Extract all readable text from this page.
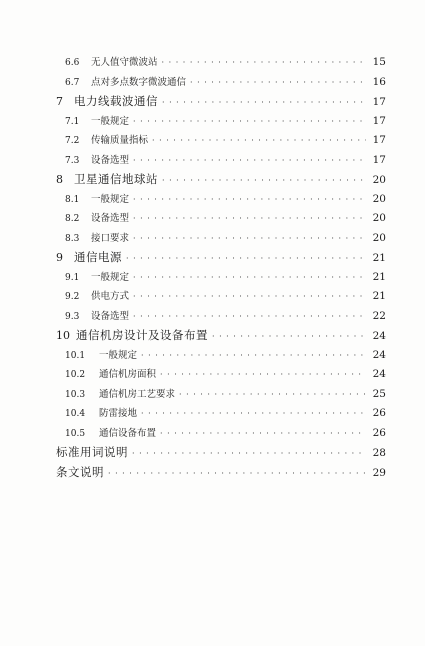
6.6	无人值守微波站 · · ·	15
6.7	点对多点数字微波通信 · · ·	16
7 电力线载波通信 · · ·	17
7.1	一般规定 · · ·	17
7.2	传输质量指标 · · ·	17
7.3	设备选型 · · ·	17
8 卫星通信地球站 · · ·	20
8.1	一般规定 · · ·	20
8.2	设备选型 · · ·	20
8.3	接口要求 · · ·	20
9 通信电源 · · ·	21
9.1	一般规定 · · ·	21
9.2	供电方式 · · ·	21
9.3	设备选型 · · ·	22
10 通信机房设计及设备布置 · · ·	24
10.1	一般规定 · · ·	24
10.2	通信机房面积 · · ·	24
10.3	通信机房工艺要求 · · ·	25
10.4	防雷接地 · · ·	26
10.5	通信设备布置 · · ·	26
标准用词说明 · · ·	28
条文说明 · · ·	29
